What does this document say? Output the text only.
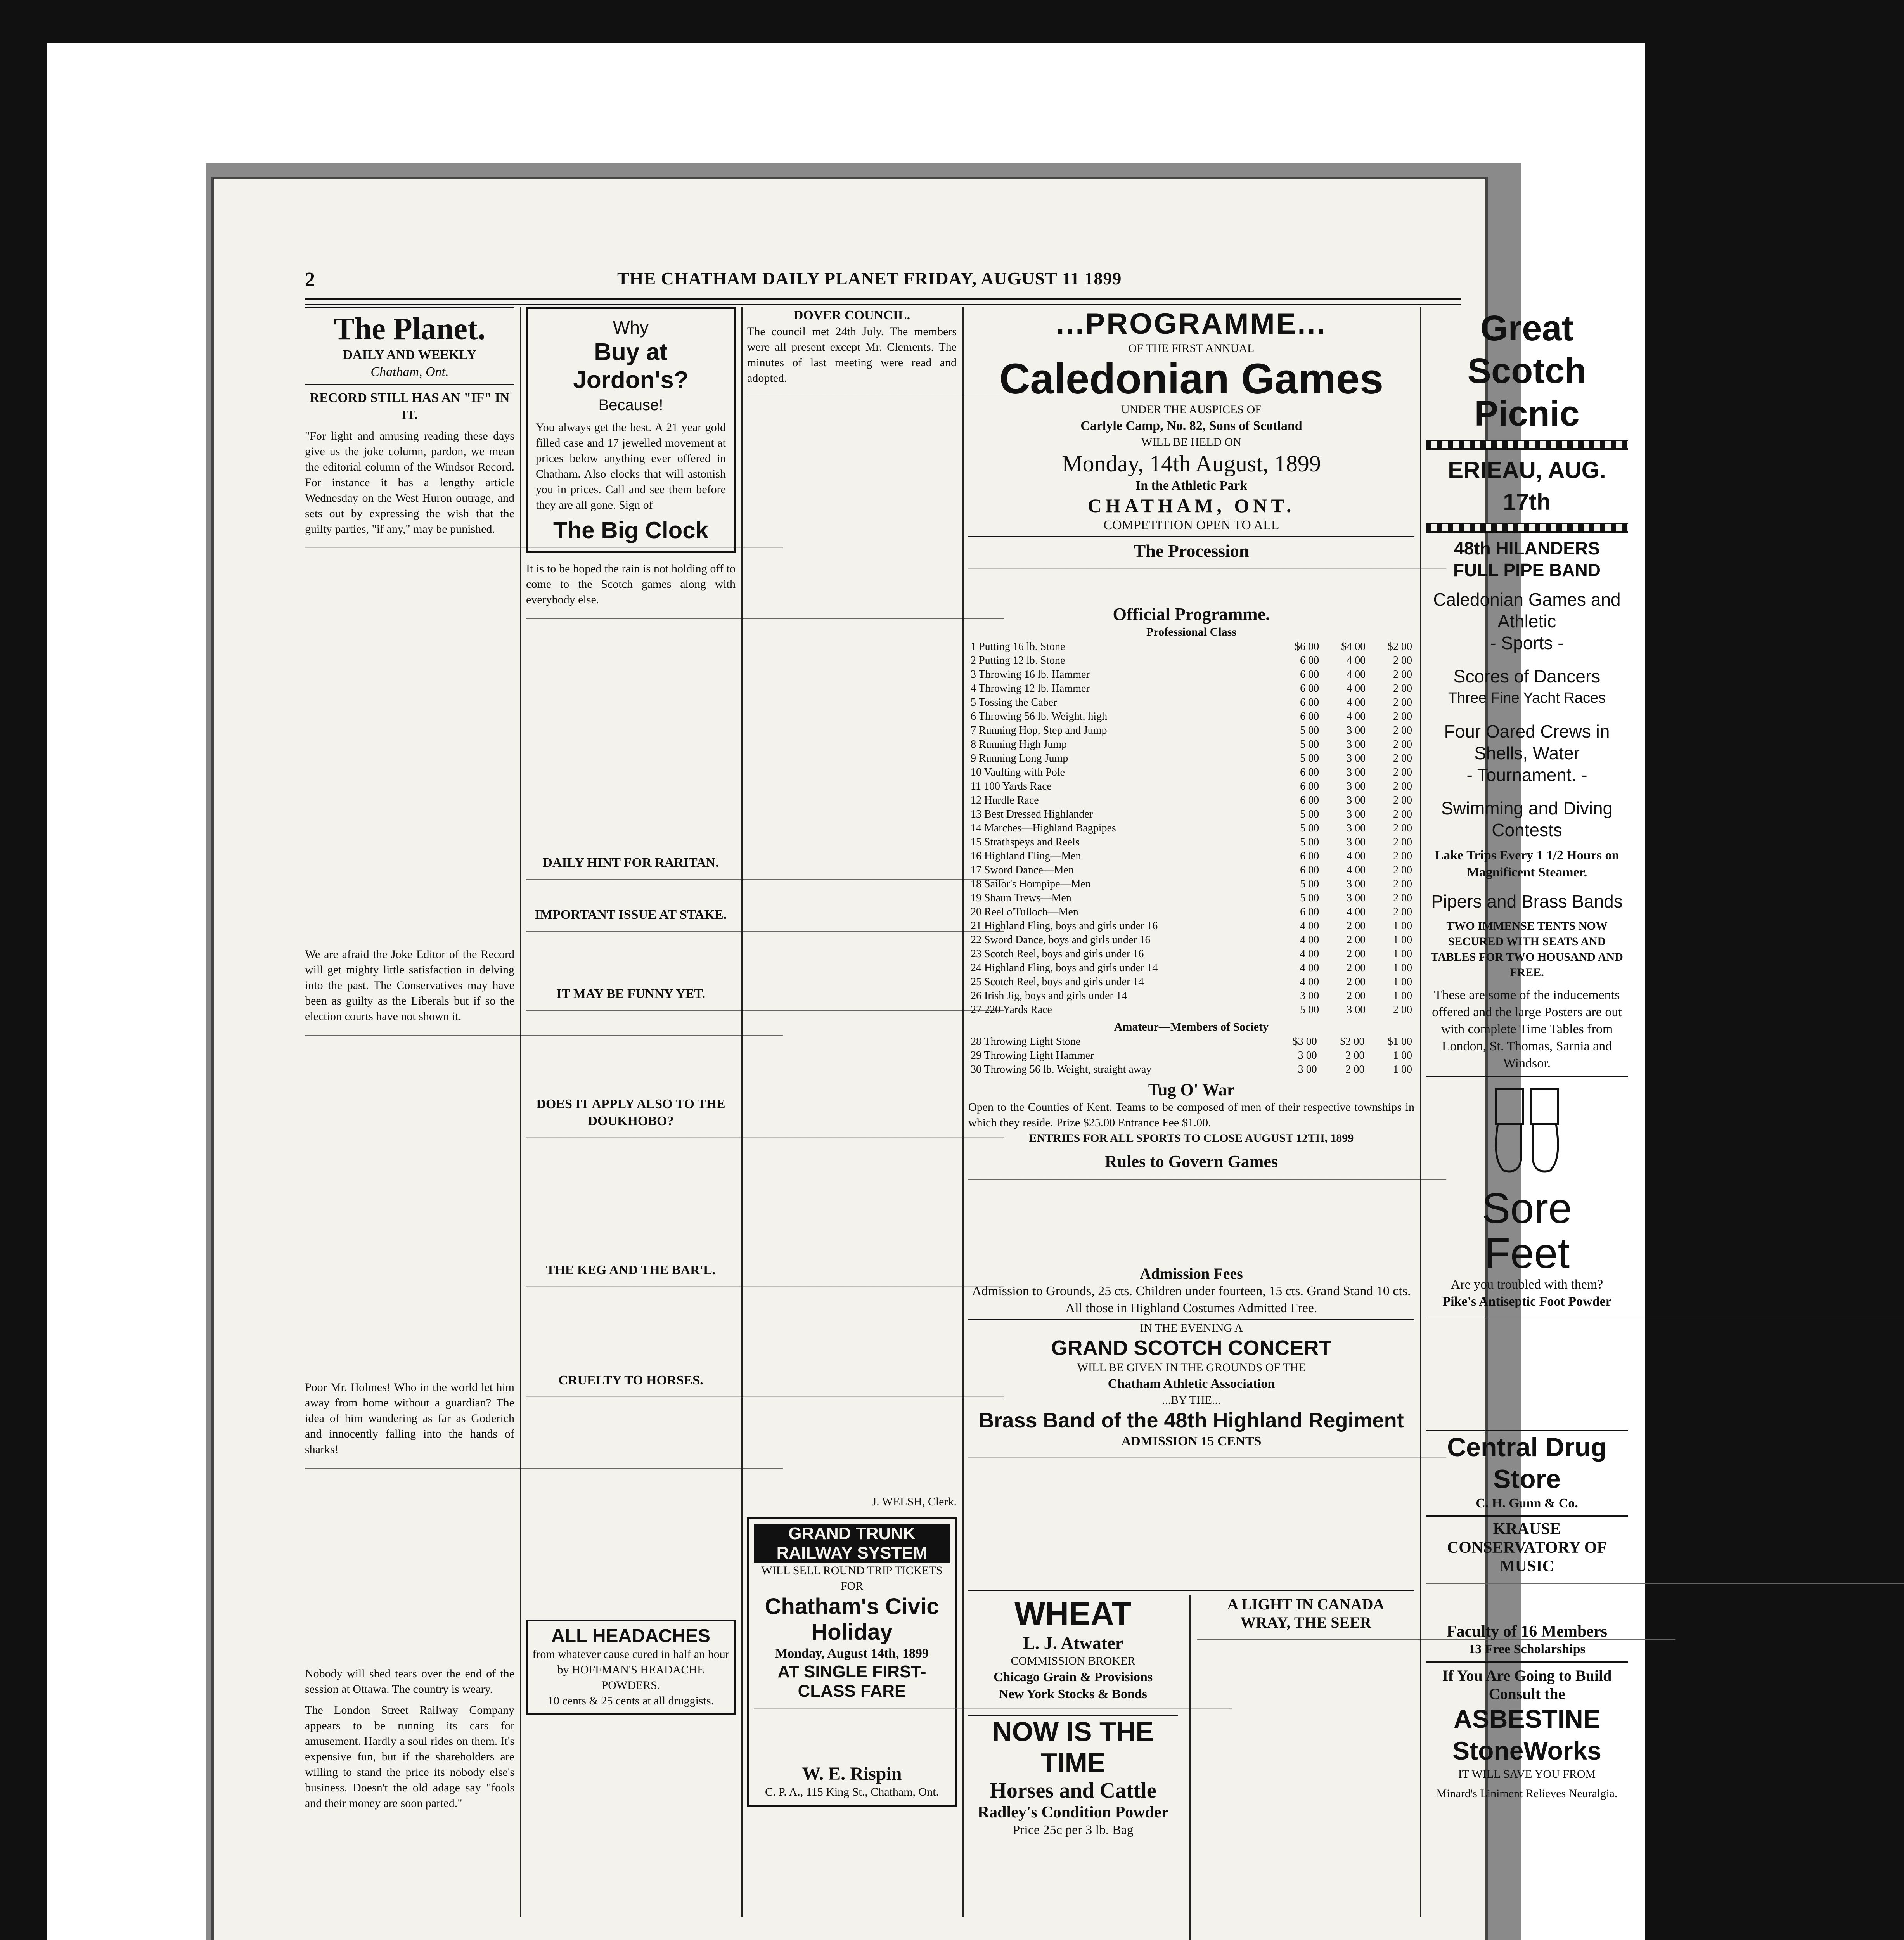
2	THE CHATHAM DAILY PLANET FRIDAY, AUGUST 11 1899
The Planet.
DAILY AND WEEKLY
Chatham, Ont.
RECORD STILL HAS AN "IF" IN IT.
"For light and amusing reading these days give us the joke column, pardon, we mean the editorial column of the Windsor Record. For instance it has a lengthy article Wednesday on the West Huron outrage, and sets out by expressing the wish that the guilty parties, "if any," may be punished.
—————
We are afraid the Joke Editor of the Record will get mighty little satisfaction in delving into the past. The Conservatives may have been as guilty as the Liberals but if so the election courts have not shown it.
—————
Poor Mr. Holmes! Who in the world let him away from home without a guardian? The idea of him wandering as far as Goderich and innocently falling into the hands of sharks!
—————
Nobody will shed tears over the end of the session at Ottawa. The country is weary.
The London Street Railway Company appears to be running its cars for amusement. Hardly a soul rides on them. It's expensive fun, but if the shareholders are willing to stand the price its nobody else's business. Doesn't the old adage say "fools and their money are soon parted."
Why
Buy at Jordon's?
Because!
You always get the best. A 21 year gold filled case and 17 jewelled movement at prices below anything ever offered in Chatham. Also clocks that will astonish you in prices. Call and see them before they are all gone. Sign of
The Big Clock
It is to be hoped the rain is not holding off to come to the Scotch games along with everybody else.
—————
DAILY HINT FOR RARITAN.
—————
IMPORTANT ISSUE AT STAKE.
—————
IT MAY BE FUNNY YET.
—————
DOES IT APPLY ALSO TO THE DOUKHOBO?
—————
THE KEG AND THE BAR'L.
—————
CRUELTY TO HORSES.
—————
ALL HEADACHES
from whatever cause cured in half an hour by HOFFMAN'S HEADACHE POWDERS.
10 cents & 25 cents at all druggists.
DOVER COUNCIL.
The council met 24th July. The members were all present except Mr. Clements. The minutes of last meeting were read and adopted.
—————
J. WELSH, Clerk.
GRAND TRUNK RAILWAY SYSTEM
WILL SELL ROUND TRIP TICKETS FOR
Chatham's Civic Holiday
Monday, August 14th, 1899
AT SINGLE FIRST-CLASS FARE
—————
W. E. Rispin
C. P. A., 115 King St., Chatham, Ont.
...PROGRAMME...
OF THE FIRST ANNUAL
Caledonian Games
UNDER THE AUSPICES OF
Carlyle Camp, No. 82, Sons of Scotland
WILL BE HELD ON
Monday, 14th August, 1899
In the Athletic Park
CHATHAM, ONT.
COMPETITION OPEN TO ALL
The Procession
—————
Official Programme.
Professional Class
1 Putting 16 lb. Stone	$6 00	$4 00	$2 00
2 Putting 12 lb. Stone	6 00	4 00	2 00
3 Throwing 16 lb. Hammer	6 00	4 00	2 00
4 Throwing 12 lb. Hammer	6 00	4 00	2 00
5 Tossing the Caber	6 00	4 00	2 00
6 Throwing 56 lb. Weight, high	6 00	4 00	2 00
7 Running Hop, Step and Jump	5 00	3 00	2 00
8 Running High Jump	5 00	3 00	2 00
9 Running Long Jump	5 00	3 00	2 00
10 Vaulting with Pole	6 00	3 00	2 00
11 100 Yards Race	6 00	3 00	2 00
12 Hurdle Race	6 00	3 00	2 00
13 Best Dressed Highlander	5 00	3 00	2 00
14 Marches—Highland Bagpipes	5 00	3 00	2 00
15 Strathspeys and Reels	5 00	3 00	2 00
16 Highland Fling—Men	6 00	4 00	2 00
17 Sword Dance—Men	6 00	4 00	2 00
18 Sailor's Hornpipe—Men	5 00	3 00	2 00
19 Shaun Trews—Men	5 00	3 00	2 00
20 Reel o'Tulloch—Men	6 00	4 00	2 00
21 Highland Fling, boys and girls under 16	4 00	2 00	1 00
22 Sword Dance, boys and girls under 16	4 00	2 00	1 00
23 Scotch Reel, boys and girls under 16	4 00	2 00	1 00
24 Highland Fling, boys and girls under 14	4 00	2 00	1 00
25 Scotch Reel, boys and girls under 14	4 00	2 00	1 00
26 Irish Jig, boys and girls under 14	3 00	2 00	1 00
27 220 Yards Race	5 00	3 00	2 00
Amateur—Members of Society
28 Throwing Light Stone	$3 00	$2 00	$1 00
29 Throwing Light Hammer	3 00	2 00	1 00
30 Throwing 56 lb. Weight, straight away	3 00	2 00	1 00
Tug O' War
Open to the Counties of Kent. Teams to be composed of men of their respective townships in which they reside. Prize $25.00 Entrance Fee $1.00.
ENTRIES FOR ALL SPORTS TO CLOSE AUGUST 12TH, 1899
Rules to Govern Games
—————
Admission Fees
Admission to Grounds, 25 cts. Children under fourteen, 15 cts. Grand Stand 10 cts. All those in Highland Costumes Admitted Free.
IN THE EVENING A
GRAND SCOTCH CONCERT
WILL BE GIVEN IN THE GROUNDS OF THE
Chatham Athletic Association
...BY THE...
Brass Band of the 48th Highland Regiment
ADMISSION 15 CENTS
—————
WHEAT
L. J. Atwater
COMMISSION BROKER
Chicago Grain & Provisions
New York Stocks & Bonds
NOW IS THE TIME
Horses and Cattle
Radley's Condition Powder
Price 25c per 3 lb. Bag
A LIGHT IN CANADA
WRAY, THE SEER
—————
Great
Scotch
Picnic
ERIEAU, AUG. 17th
48th HILANDERS
FULL PIPE BAND
Caledonian Games and Athletic
- Sports -
Scores of Dancers
Three Fine Yacht Races
Four Oared Crews in Shells, Water
- Tournament. -
Swimming and Diving Contests
Lake Trips Every 1 1/2 Hours on Magnificent Steamer.
Pipers and Brass Bands
TWO IMMENSE TENTS NOW SECURED WITH SEATS AND TABLES FOR TWO HOUSAND AND FREE.
These are some of the inducements offered and the large Posters are out with complete Time Tables from London, St. Thomas, Sarnia and Windsor.
Sore
Feet
Are you troubled with them?
Pike's Antiseptic Foot Powder
—————
Central Drug Store
C. H. Gunn & Co.
KRAUSE CONSERVATORY OF MUSIC
—————
Faculty of 16 Members
13 Free Scholarships
If You Are Going to Build Consult the
ASBESTINE
StoneWorks
IT WILL SAVE YOU FROM
Minard's Liniment Relieves Neuralgia.
